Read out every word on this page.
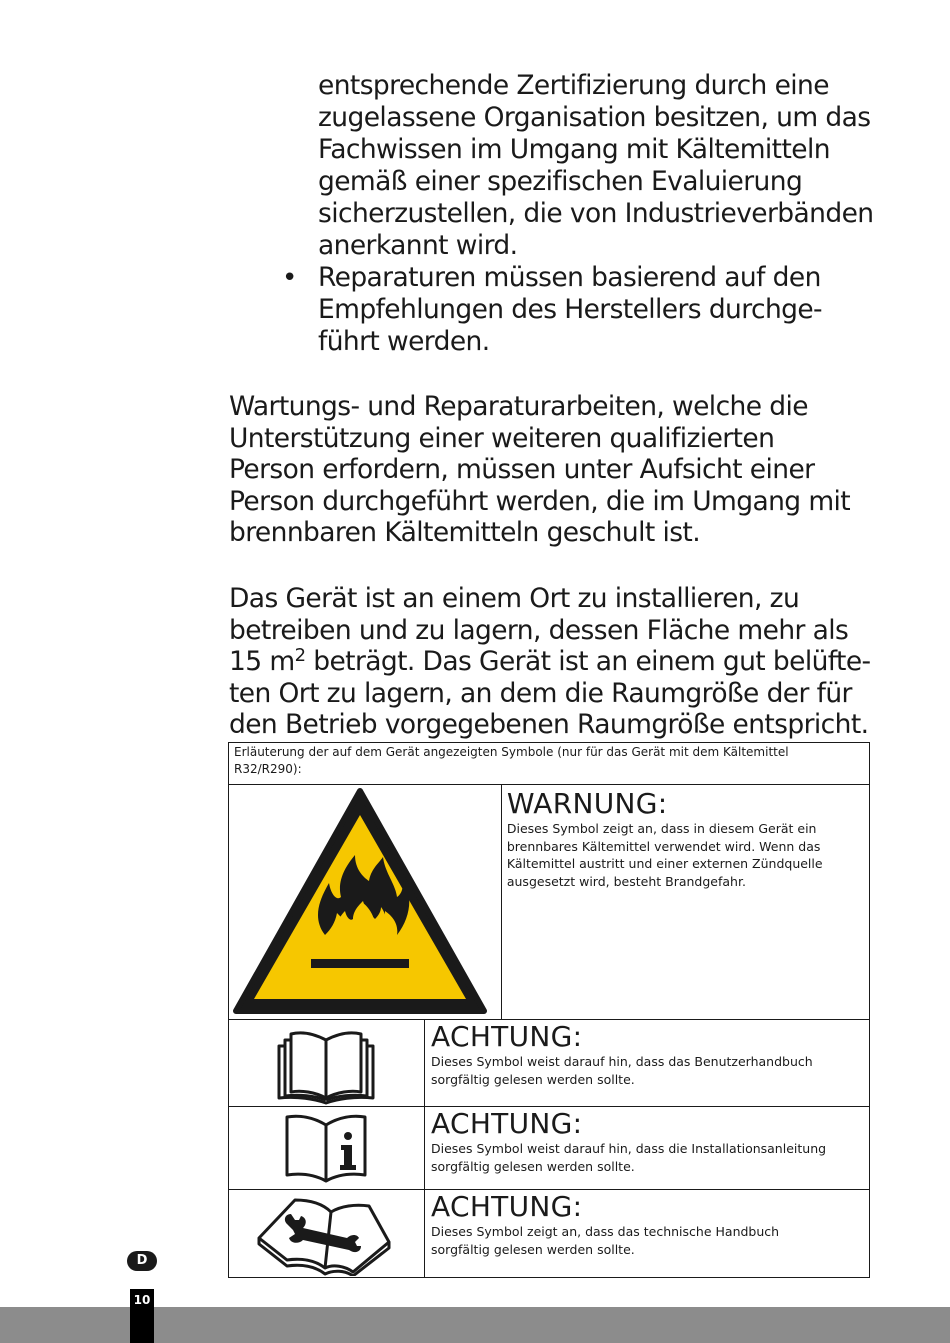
entsprechende Zertifizierung durch eine
zugelassene Organisation besitzen, um das
Fachwissen im Umgang mit Kältemitteln
gemäß einer spezifischen Evaluierung
sicherzustellen, die von Industrieverbänden
anerkannt wird.
• Reparaturen müssen basierend auf den
Empfehlungen des Herstellers durchge-
führt werden.
Wartungs- und Reparaturarbeiten, welche die
Unterstützung einer weiteren qualifizierten
Person erfordern, müssen unter Aufsicht einer
Person durchgeführt werden, die im Umgang mit
brennbaren Kältemitteln geschult ist.
Das Gerät ist an einem Ort zu installieren, zu
betreiben und zu lagern, dessen Fläche mehr als
15 $m^2$ beträgt. Das Gerät ist an einem gut belüfte-
ten Ort zu lagern, an dem die Raumgröße der für
den Betrieb vorgegebenen Raumgröße entspricht.
Erläuterung der auf dem Gerät angezeigten Symbole (nur für das Gerät mit dem Kältemittel
R32/R290):		

WARNUNG:
Dieses Symbol zeigt an, dass in diesem Gerät ein
brennbares Kältemittel verwendet wird. Wenn das
Kältemittel austritt und einer externen Zündquelle
ausgesetzt wird, besteht Brandgefahr.

ACHTUNG:
Dieses Symbol weist darauf hin, dass das Benutzerhandbuch
sorgfältig gelesen werden sollte.	

ACHTUNG:
Dieses Symbol weist darauf hin, dass die Installationsanleitung
sorgfältig gelesen werden sollte.	

ACHTUNG:
Dieses Symbol zeigt an, dass das technische Handbuch
sorgfältig gelesen werden sollte.	
D
10
